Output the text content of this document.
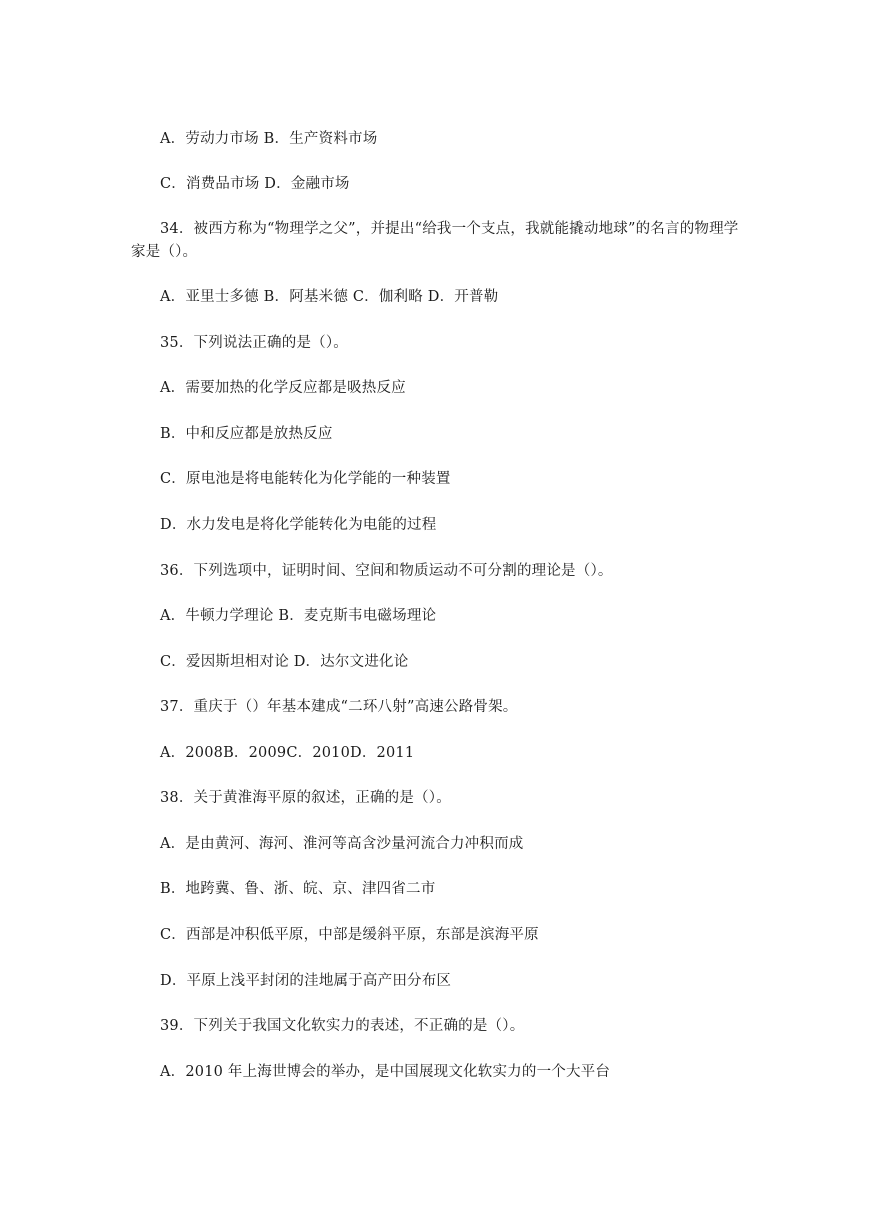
A．劳动力市场 B．生产资料市场
C．消费品市场 D．金融市场
34．被西方称为“物理学之父”，并提出“给我一个支点，我就能撬动地球”的名言的物理学家是（）。
A．亚里士多德 B．阿基米德 C．伽利略 D．开普勒
35．下列说法正确的是（）。
A．需要加热的化学反应都是吸热反应
B．中和反应都是放热反应
C．原电池是将电能转化为化学能的一种装置
D．水力发电是将化学能转化为电能的过程
36．下列选项中，证明时间、空间和物质运动不可分割的理论是（）。
A．牛顿力学理论 B．麦克斯韦电磁场理论
C．爱因斯坦相对论 D．达尔文进化论
37．重庆于（）年基本建成“二环八射”高速公路骨架。
A．2008B．2009C．2010D．2011
38．关于黄淮海平原的叙述，正确的是（）。
A．是由黄河、海河、淮河等高含沙量河流合力冲积而成
B．地跨冀、鲁、浙、皖、京、津四省二市
C．西部是冲积低平原，中部是缓斜平原，东部是滨海平原
D．平原上浅平封闭的洼地属于高产田分布区
39．下列关于我国文化软实力的表述，不正确的是（）。
A．2010 年上海世博会的举办，是中国展现文化软实力的一个大平台
